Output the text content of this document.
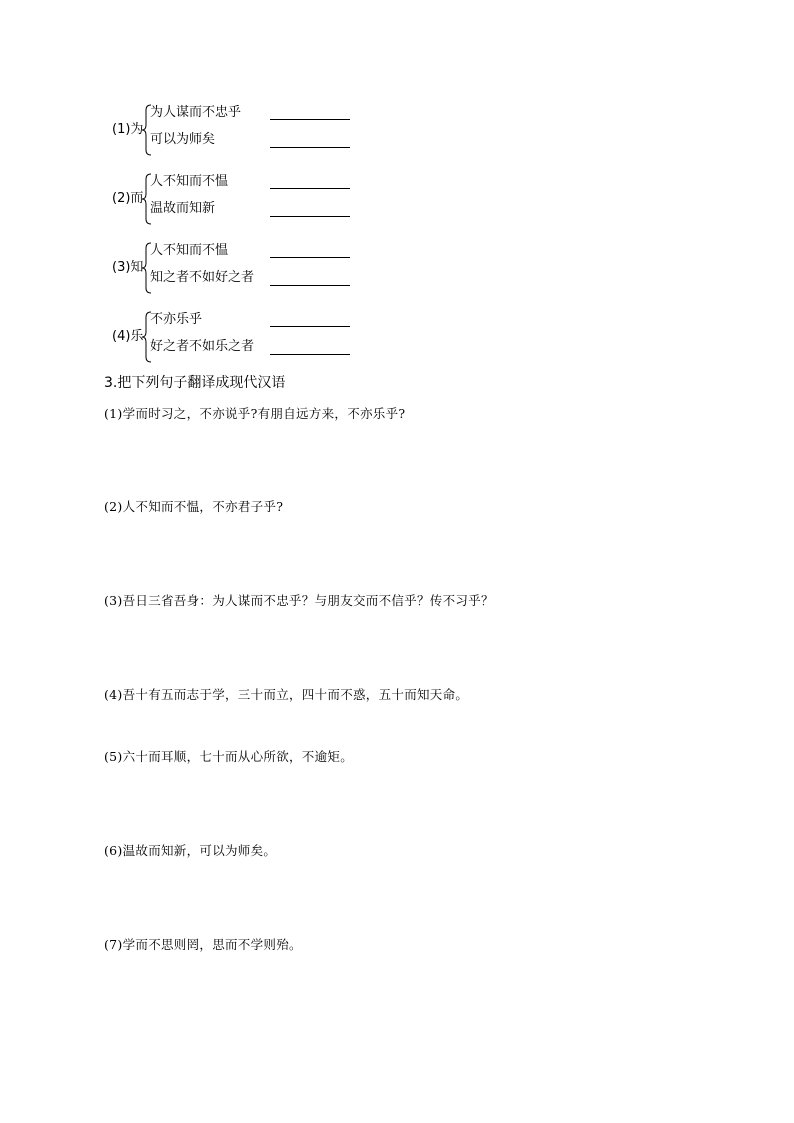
(1)为
为人谋而不忠乎
可以为师矣
(2)而
人不知而不愠
温故而知新
(3)知
人不知而不愠
知之者不如好之者
(4)乐
不亦乐乎
好之者不如乐之者
3.把下列句子翻译成现代汉语
(1)学而时习之，不亦说乎?有朋自远方来，不亦乐乎?
(2)人不知而不愠，不亦君子乎?
(3)吾日三省吾身：为人谋而不忠乎？与朋友交而不信乎？传不习乎？
(4)吾十有五而志于学，三十而立，四十而不惑，五十而知天命。
(5)六十而耳顺，七十而从心所欲，不逾矩。
(6)温故而知新，可以为师矣。
(7)学而不思则罔，思而不学则殆。
